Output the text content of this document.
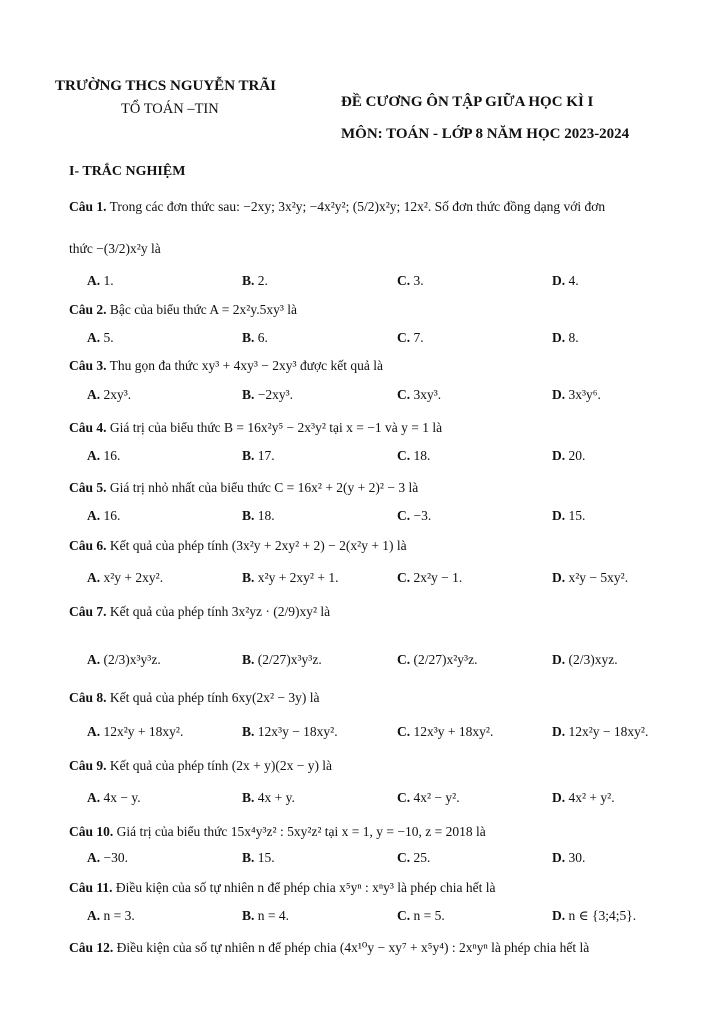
TRƯỜNG THCS NGUYỄN TRÃI
TỔ TOÁN –TIN	ĐỀ CƯƠNG ÔN TẬP GIỮA HỌC KÌ I
MÔN: TOÁN - LỚP 8 NĂM HỌC 2023-2024
I- TRẮC NGHIỆM
Câu 1. Trong các đơn thức sau: −2xy; 3x²y; −4x²y²; (5/2)x²y; 12x². Số đơn thức đồng dạng với đơn
thức −(3/2)x²y là
A. 1.	B. 2.	C. 3.	D. 4.
Câu 2. Bậc của biểu thức A = 2x²y.5xy³ là
A. 5.	B. 6.	C. 7.	D. 8.
Câu 3. Thu gọn đa thức xy³ + 4xy³ − 2xy³ được kết quả là
A. 2xy³.	B. −2xy³.	C. 3xy³.	D. 3x³y⁶.
Câu 4. Giá trị của biểu thức B = 16x²y⁵ − 2x³y² tại x = −1 và y = 1 là
A. 16.	B. 17.	C. 18.	D. 20.
Câu 5. Giá trị nhỏ nhất của biểu thức C = 16x² + 2(y + 2)² − 3 là
A. 16.	B. 18.	C. −3.	D. 15.
Câu 6. Kết quả của phép tính (3x²y + 2xy² + 2) − 2(x²y + 1) là
A. x²y + 2xy².	B. x²y + 2xy² + 1.	C. 2x²y − 1.	D. x²y − 5xy².
Câu 7. Kết quả của phép tính 3x²yz · (2/9)xy² là
A. (2/3)x³y³z.	B. (2/27)x³y³z.	C. (2/27)x²y³z.	D. (2/3)xyz.
Câu 8. Kết quả của phép tính 6xy(2x² − 3y) là
A. 12x²y + 18xy².	B. 12x³y − 18xy².	C. 12x³y + 18xy².	D. 12x²y − 18xy².
Câu 9. Kết quả của phép tính (2x + y)(2x − y) là
A. 4x − y.	B. 4x + y.	C. 4x² − y².	D. 4x² + y².
Câu 10. Giá trị của biểu thức 15x⁴y³z² : 5xy²z² tại x = 1, y = −10, z = 2018 là
A. −30.	B. 15.	C. 25.	D. 30.
Câu 11. Điều kiện của số tự nhiên n để phép chia x⁵yⁿ : xⁿy³ là phép chia hết là
A. n = 3.	B. n = 4.	C. n = 5.	D. n ∈ {3;4;5}.
Câu 12. Điều kiện của số tự nhiên n để phép chia (4x¹⁰y − xy⁷ + x⁵y⁴) : 2xⁿyⁿ là phép chia hết là
